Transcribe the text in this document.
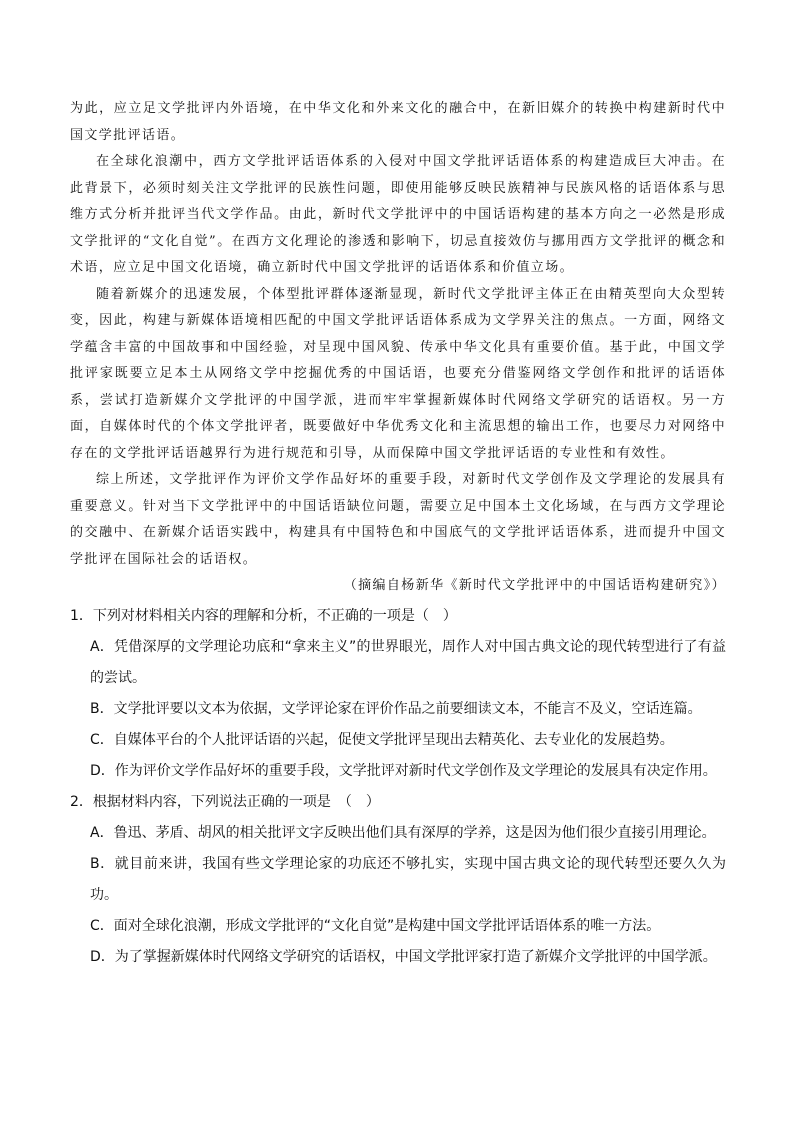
为此，应立足文学批评内外语境，在中华文化和外来文化的融合中，在新旧媒介的转换中构建新时代中国文学批评话语。

在全球化浪潮中，西方文学批评话语体系的入侵对中国文学批评话语体系的构建造成巨大冲击。在此背景下，必须时刻关注文学批评的民族性问题，即使用能够反映民族精神与民族风格的话语体系与思维方式分析并批评当代文学作品。由此，新时代文学批评中的中国话语构建的基本方向之一必然是形成文学批评的“文化自觉”。在西方文化理论的渗透和影响下，切忌直接效仿与挪用西方文学批评的概念和术语，应立足中国文化语境，确立新时代中国文学批评的话语体系和价值立场。

随着新媒介的迅速发展，个体型批评群体逐渐显现，新时代文学批评主体正在由精英型向大众型转变，因此，构建与新媒体语境相匹配的中国文学批评话语体系成为文学界关注的焦点。一方面，网络文学蕴含丰富的中国故事和中国经验，对呈现中国风貌、传承中华文化具有重要价值。基于此，中国文学批评家既要立足本土从网络文学中挖掘优秀的中国话语，也要充分借鉴网络文学创作和批评的话语体系，尝试打造新媒介文学批评的中国学派，进而牢牢掌握新媒体时代网络文学研究的话语权。另一方面，自媒体时代的个体文学批评者，既要做好中华优秀文化和主流思想的输出工作，也要尽力对网络中存在的文学批评话语越界行为进行规范和引导，从而保障中国文学批评话语的专业性和有效性。

综上所述，文学批评作为评价文学作品好坏的重要手段，对新时代文学创作及文学理论的发展具有重要意义。针对当下文学批评中的中国话语缺位问题，需要立足中国本土文化场域，在与西方文学理论的交融中、在新媒介话语实践中，构建具有中国特色和中国底气的文学批评话语体系，进而提升中国文学批评在国际社会的话语权。

（摘编自杨新华《新时代文学批评中的中国话语构建研究》）

1．下列对材料相关内容的理解和分析，不正确的一项是（　）

A．凭借深厚的文学理论功底和“拿来主义”的世界眼光，周作人对中国古典文论的现代转型进行了有益的尝试。

B．文学批评要以文本为依据，文学评论家在评价作品之前要细读文本，不能言不及义，空话连篇。

C．自媒体平台的个人批评话语的兴起，促使文学批评呈现出去精英化、去专业化的发展趋势。

D．作为评价文学作品好坏的重要手段，文学批评对新时代文学创作及文学理论的发展具有决定作用。

2．根据材料内容，下列说法正确的一项是　（　）

A．鲁迅、茅盾、胡风的相关批评文字反映出他们具有深厚的学养，这是因为他们很少直接引用理论。

B．就目前来讲，我国有些文学理论家的功底还不够扎实，实现中国古典文论的现代转型还要久久为功。

C．面对全球化浪潮，形成文学批评的“文化自觉”是构建中国文学批评话语体系的唯一方法。

D．为了掌握新媒体时代网络文学研究的话语权，中国文学批评家打造了新媒介文学批评的中国学派。
